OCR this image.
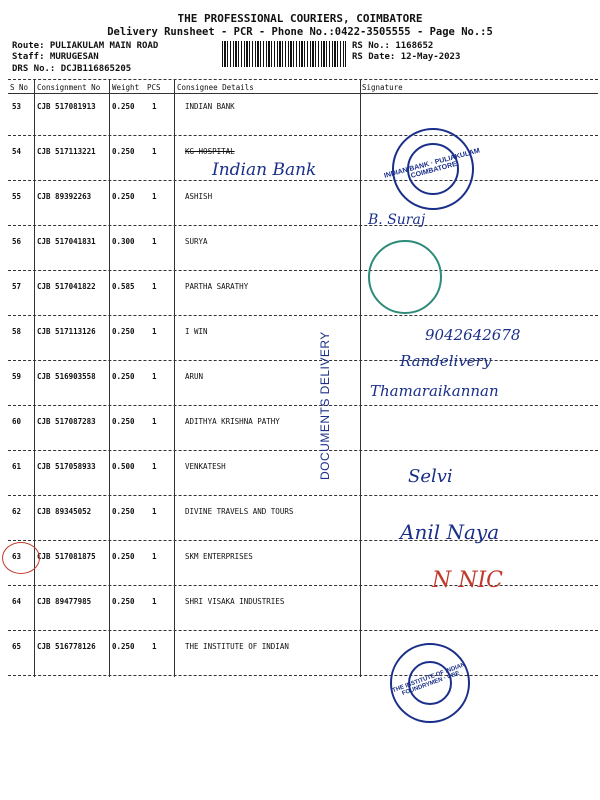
THE PROFESSIONAL COURIERS, COIMBATORE
Delivery Runsheet - PCR - Phone No.:0422-3505555 - Page No.:5
Route: PULIAKULAM MAIN ROAD
Staff: MURUGESAN
DRS No.: DCJB116865205
RS No.: 1168652
RS Date: 12-May-2023
S No Consignment No Weight PCS Consignee Details	Signature
53 CJB 517081913 0.250 1	INDIAN BANK
54 CJB 517113221 0.250 1	KG HOSPITAL
55 CJB 89392263	0.250 1	ASHISH
56 CJB 517041831 0.300 1	SURYA
57 CJB 517041822 0.585 1	PARTHA SARATHY
58 CJB 517113126 0.250 1	I WIN
59 CJB 516903558 0.250 1	ARUN
60 CJB 517087283 0.250 1	ADITHYA KRISHNA PATHY
61 CJB 517058933 0.500 1	VENKATESH
62 CJB 89345052	0.250 1	DIVINE TRAVELS AND TOURS
63 CJB 517081875 0.250 1	SKM ENTERPRISES
64 CJB 89477985	0.250 1	SHRI VISAKA INDUSTRIES
65 CJB 516778126 0.250 1	THE INSTITUTE OF INDIAN
INDIAN BANK · PULIAKULAM COIMBATORE
THE INSTITUTE OF INDIAN FOUNDRYMEN · CBE
DOCUMENTS DELIVERY
Indian Bank
B. Suraj
9042642678
Randelivery
Thamaraikannan
Selvi
Anil Naya
N NIC
